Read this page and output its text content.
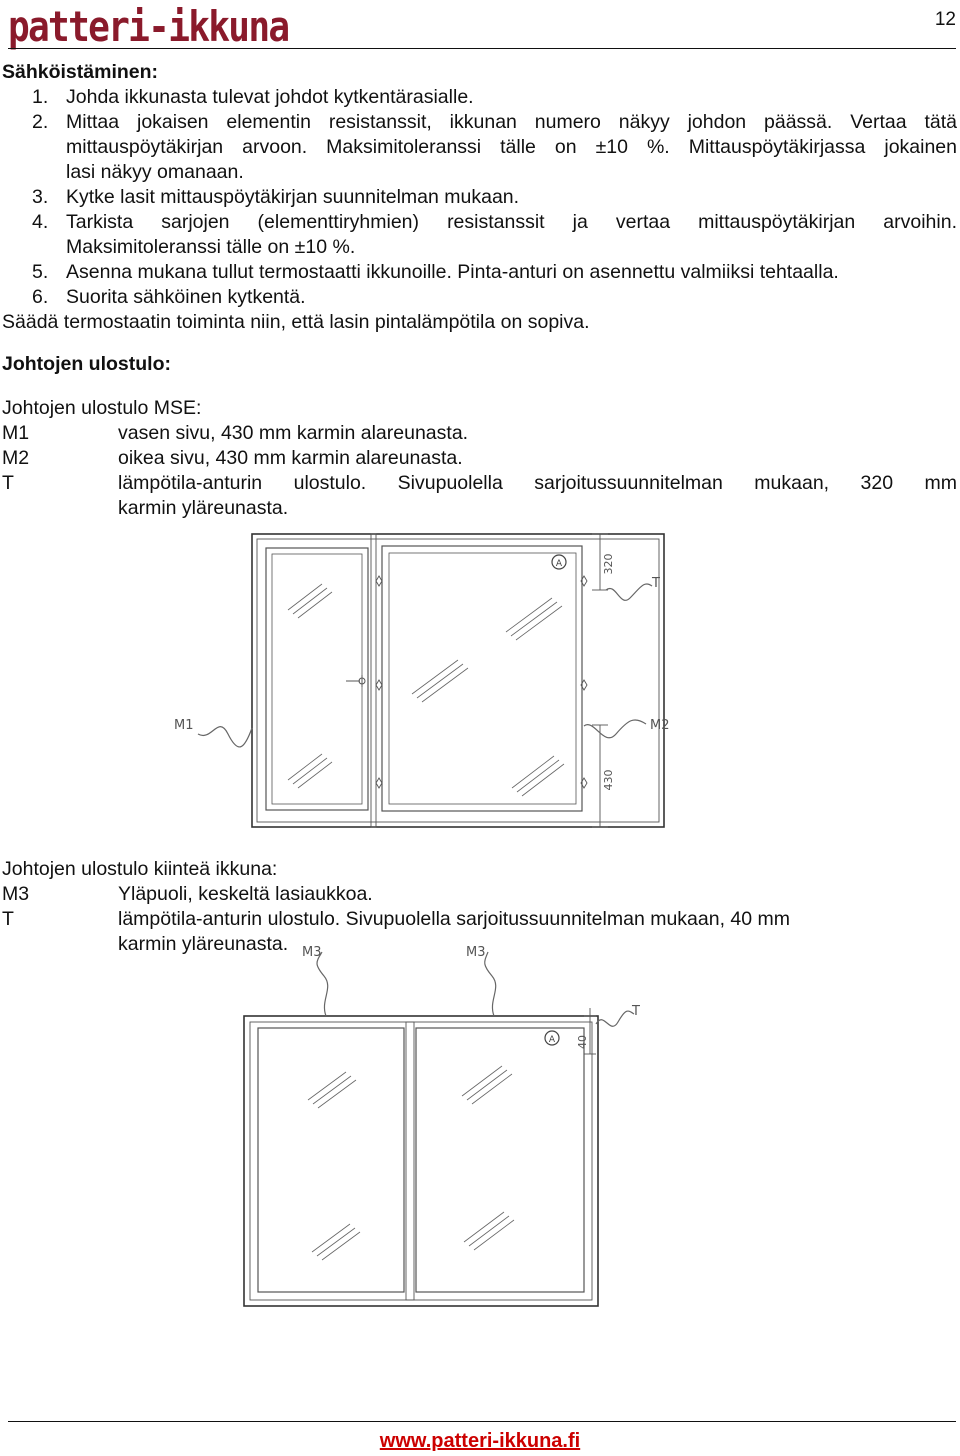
patteri-ikkuna	12
Sähköistäminen:
1. Johda ikkunasta tulevat johdot kytkentärasialle.
2. Mittaa jokaisen elementin resistanssit, ikkunan numero näkyy johdon päässä. Vertaa tätä
mittauspöytäkirjan arvoon. Maksimitoleranssi tälle on ±10 %. Mittauspöytäkirjassa jokainen
lasi näkyy omanaan.
3. Kytke lasit mittauspöytäkirjan suunnitelman mukaan.
4. Tarkista sarjojen (elementtiryhmien) resistanssit ja vertaa mittauspöytäkirjan arvoihin.
Maksimitoleranssi tälle on ±10 %.
5. Asenna mukana tullut termostaatti ikkunoille. Pinta-anturi on asennettu valmiiksi tehtaalla.
6. Suorita sähköinen kytkentä.
Säädä termostaatin toiminta niin, että lasin pintalämpötila on sopiva.
Johtojen ulostulo:
Johtojen ulostulo MSE:
M1	vasen sivu, 430 mm karmin alareunasta.
M2	oikea sivu, 430 mm karmin alareunasta.
T	lämpötila-anturin ulostulo. Sivupuolella sarjoitussuunnitelman mukaan, 320 mm
karmin yläreunasta.
A	320
430
T
M1	M2
Johtojen ulostulo kiinteä ikkuna:
M3	Yläpuoli, keskeltä lasiaukkoa.
T	lämpötila-anturin ulostulo. Sivupuolella sarjoitussuunnitelman mukaan, 40 mm
karmin yläreunasta.
A 40
T
M3	M3
www.patteri-ikkuna.fi
